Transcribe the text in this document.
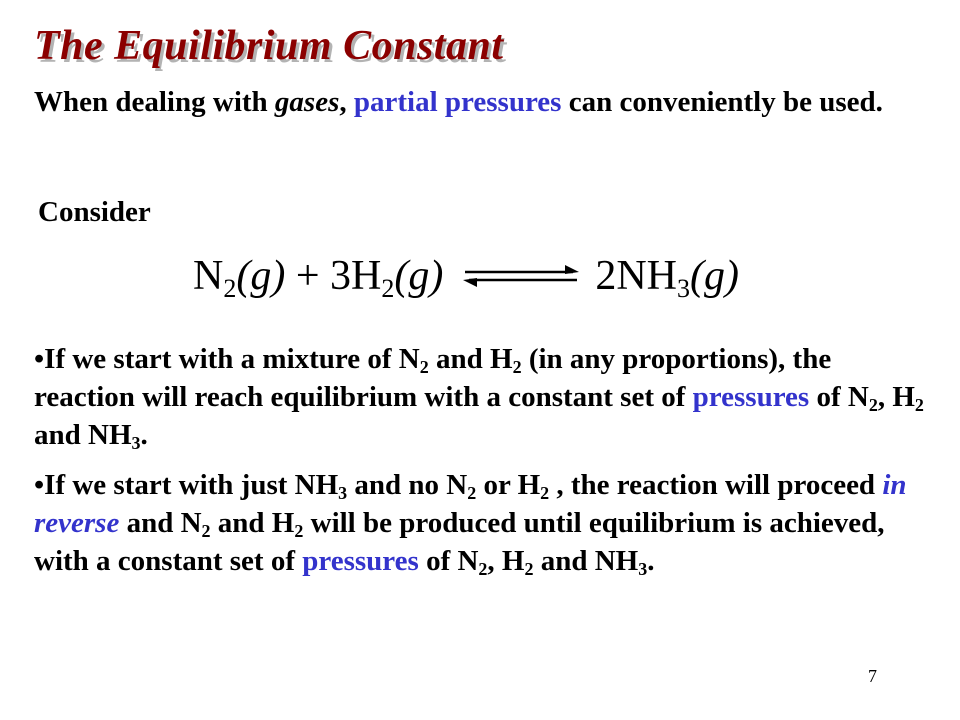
The Equilibrium Constant

When dealing with gases, partial pressures can conveniently be used.

Consider

$N_2(g) + 3H_2(g)$ ⇌ $2NH_3(g)$
•If we start with a mixture of $N_2$ and $H_2$ (in any proportions), the reaction will reach equilibrium with a constant set of pressures of $N_2$, $H_2$ and $NH_3$.
•If we start with just $NH_3$ and no $N_2$ or $H_2$ , the reaction will proceed in reverse and $N_2$ and $H_2$ will be produced until equilibrium is achieved, with a constant set of pressures of $N_2$, $H_2$ and $NH_3$.
7
